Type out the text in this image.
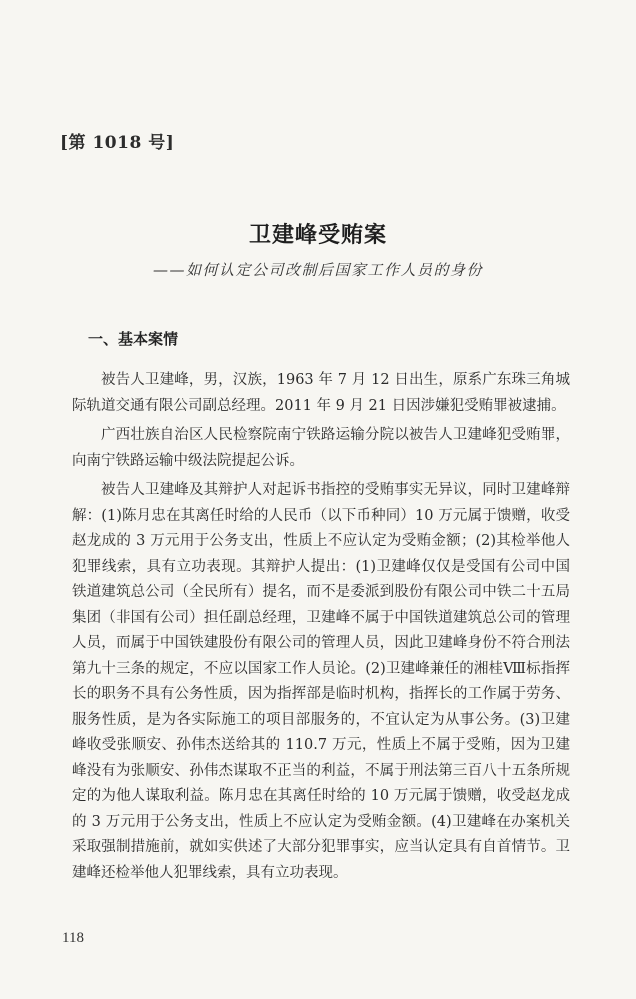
[第 1018 号]
卫建峰受贿案
——如何认定公司改制后国家工作人员的身份
一、基本案情

被告人卫建峰，男，汉族，1963 年 7 月 12 日出生，原系广东珠三角城际轨道交通有限公司副总经理。2011 年 9 月 21 日因涉嫌犯受贿罪被逮捕。

广西壮族自治区人民检察院南宁铁路运输分院以被告人卫建峰犯受贿罪，向南宁铁路运输中级法院提起公诉。

被告人卫建峰及其辩护人对起诉书指控的受贿事实无异议，同时卫建峰辩解：(1)陈月忠在其离任时给的人民币（以下币种同）10 万元属于馈赠，收受赵龙成的 3 万元用于公务支出，性质上不应认定为受贿金额；(2)其检举他人犯罪线索，具有立功表现。其辩护人提出：(1)卫建峰仅仅是受国有公司中国铁道建筑总公司（全民所有）提名，而不是委派到股份有限公司中铁二十五局集团（非国有公司）担任副总经理，卫建峰不属于中国铁道建筑总公司的管理人员，而属于中国铁建股份有限公司的管理人员，因此卫建峰身份不符合刑法第九十三条的规定，不应以国家工作人员论。(2)卫建峰兼任的湘桂Ⅷ标指挥长的职务不具有公务性质，因为指挥部是临时机构，指挥长的工作属于劳务、服务性质，是为各实际施工的项目部服务的，不宜认定为从事公务。(3)卫建峰收受张顺安、孙伟杰送给其的 110.7 万元，性质上不属于受贿，因为卫建峰没有为张顺安、孙伟杰谋取不正当的利益，不属于刑法第三百八十五条所规定的为他人谋取利益。陈月忠在其离任时给的 10 万元属于馈赠，收受赵龙成的 3 万元用于公务支出，性质上不应认定为受贿金额。(4)卫建峰在办案机关采取强制措施前，就如实供述了大部分犯罪事实，应当认定具有自首情节。卫建峰还检举他人犯罪线索，具有立功表现。

118
